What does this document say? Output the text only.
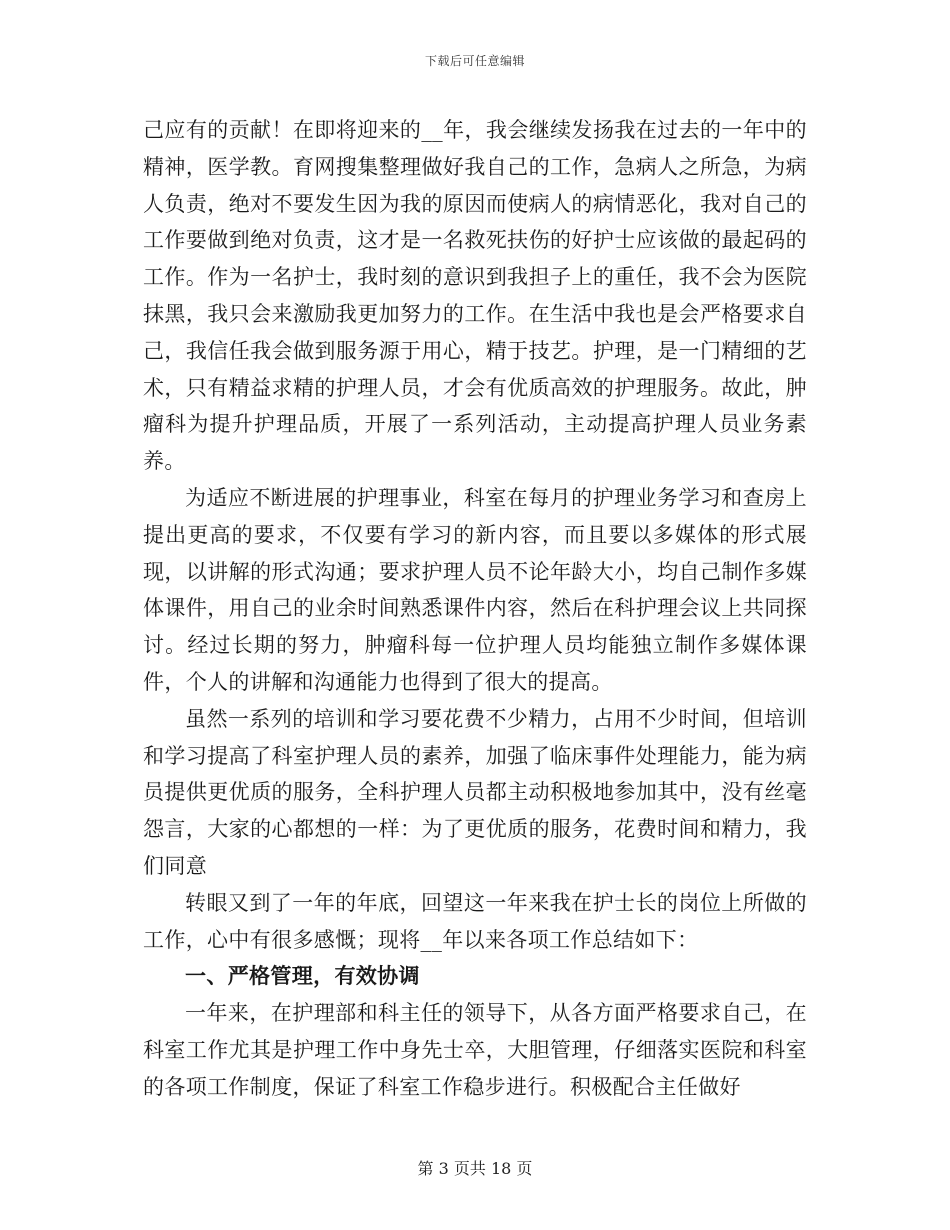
下载后可任意编辑

己应有的贡献！在即将迎来的__年，我会继续发扬我在过去的一年中的精神，医学教。育网搜集整理做好我自己的工作，急病人之所急，为病人负责，绝对不要发生因为我的原因而使病人的病情恶化，我对自己的工作要做到绝对负责，这才是一名救死扶伤的好护士应该做的最起码的工作。作为一名护士，我时刻的意识到我担子上的重任，我不会为医院抹黑，我只会来激励我更加努力的工作。在生活中我也是会严格要求自己，我信任我会做到服务源于用心，精于技艺。护理，是一门精细的艺术，只有精益求精的护理人员，才会有优质高效的护理服务。故此，肿瘤科为提升护理品质，开展了一系列活动，主动提高护理人员业务素养。

为适应不断进展的护理事业，科室在每月的护理业务学习和查房上提出更高的要求，不仅要有学习的新内容，而且要以多媒体的形式展现，以讲解的形式沟通；要求护理人员不论年龄大小，均自己制作多媒体课件，用自己的业余时间熟悉课件内容，然后在科护理会议上共同探讨。经过长期的努力，肿瘤科每一位护理人员均能独立制作多媒体课件，个人的讲解和沟通能力也得到了很大的提高。

虽然一系列的培训和学习要花费不少精力，占用不少时间，但培训和学习提高了科室护理人员的素养，加强了临床事件处理能力，能为病员提供更优质的服务，全科护理人员都主动积极地参加其中，没有丝毫怨言，大家的心都想的一样：为了更优质的服务，花费时间和精力，我们同意

转眼又到了一年的年底，回望这一年来我在护士长的岗位上所做的工作，心中有很多感慨；现将__年以来各项工作总结如下：

一、严格管理，有效协调

一年来，在护理部和科主任的领导下，从各方面严格要求自己，在科室工作尤其是护理工作中身先士卒，大胆管理，仔细落实医院和科室的各项工作制度，保证了科室工作稳步进行。积极配合主任做好

第 3 页共 18 页
